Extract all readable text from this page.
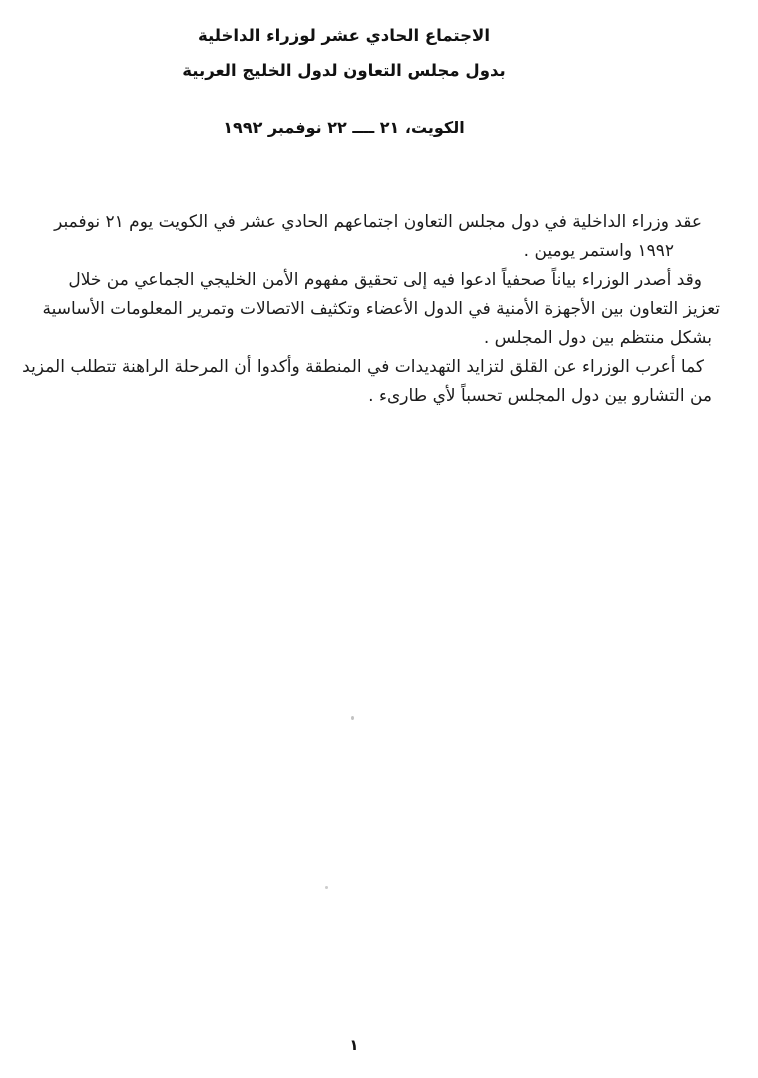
الاجتماع الحادي عشر لوزراء الداخلية
بدول مجلس التعاون لدول الخليج العربية
الكويت، ٢١ ــــ ٢٢ نوفمبر ١٩٩٢

عقد وزراء الداخلية في دول مجلس التعاون اجتماعهم الحادي عشر في الكويت يوم ٢١ نوفمبر
١٩٩٢ واستمر يومين .

وقد أصدر الوزراء بياناً صحفياً ادعوا فيه إلى تحقيق مفهوم الأمن الخليجي الجماعي من خلال
تعزيز التعاون بين الأجهزة الأمنية في الدول الأعضاء وتكثيف الاتصالات وتمرير المعلومات الأساسية
بشكل منتظم بين دول المجلس .

كما أعرب الوزراء عن القلق لتزايد التهديدات في المنطقة وأكدوا أن المرحلة الراهنة تتطلب المزيد
من التشارو بين دول المجلس تحسباً لأي طارىء .

١
